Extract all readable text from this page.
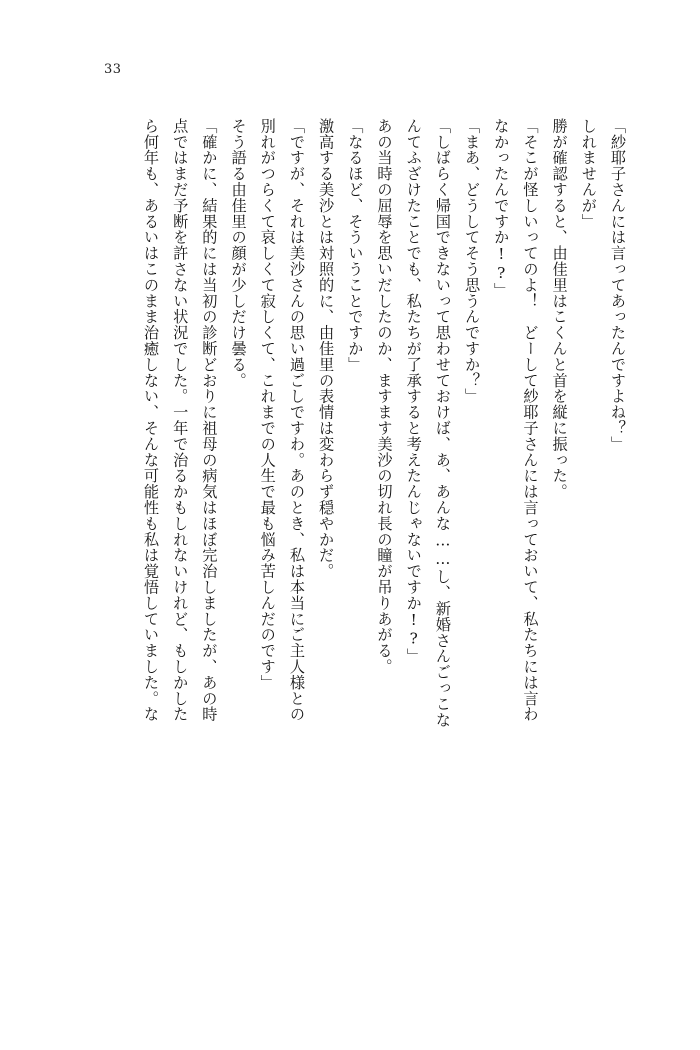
33

「紗耶子さんには言ってあったんですよね？」

しれませんが」

勝が確認すると、由佳里はこくんと首を縦に振った。

「そこが怪しいってのよ！　どーして紗耶子さんには言っておいて、私たちには言わ

なかったんですか!?」

「まあ、どうしてそう思うんですか？」

「しばらく帰国できないって思わせておけば、あ、あんな……し、新婚さんごっこな

んてふざけたことでも、私たちが了承すると考えたんじゃないですか!?」

あの当時の屈辱を思いだしたのか、ますます美沙の切れ長の瞳が吊りあがる。

「なるほど、そういうことですか」

激高する美沙とは対照的に、由佳里の表情は変わらず穏やかだ。

「ですが、それは美沙さんの思い過ごしですわ。あのとき、私は本当にご主人様との

別れがつらくて哀しくて寂しくて、これまでの人生で最も悩み苦しんだのです」

そう語る由佳里の顔が少しだけ曇る。

「確かに、結果的には当初の診断どおりに祖母の病気はほぼ完治しましたが、あの時

点ではまだ予断を許さない状況でした。一年で治るかもしれないけれど、もしかした

ら何年も、あるいはこのまま治癒しない、そんな可能性も私は覚悟していました。な
